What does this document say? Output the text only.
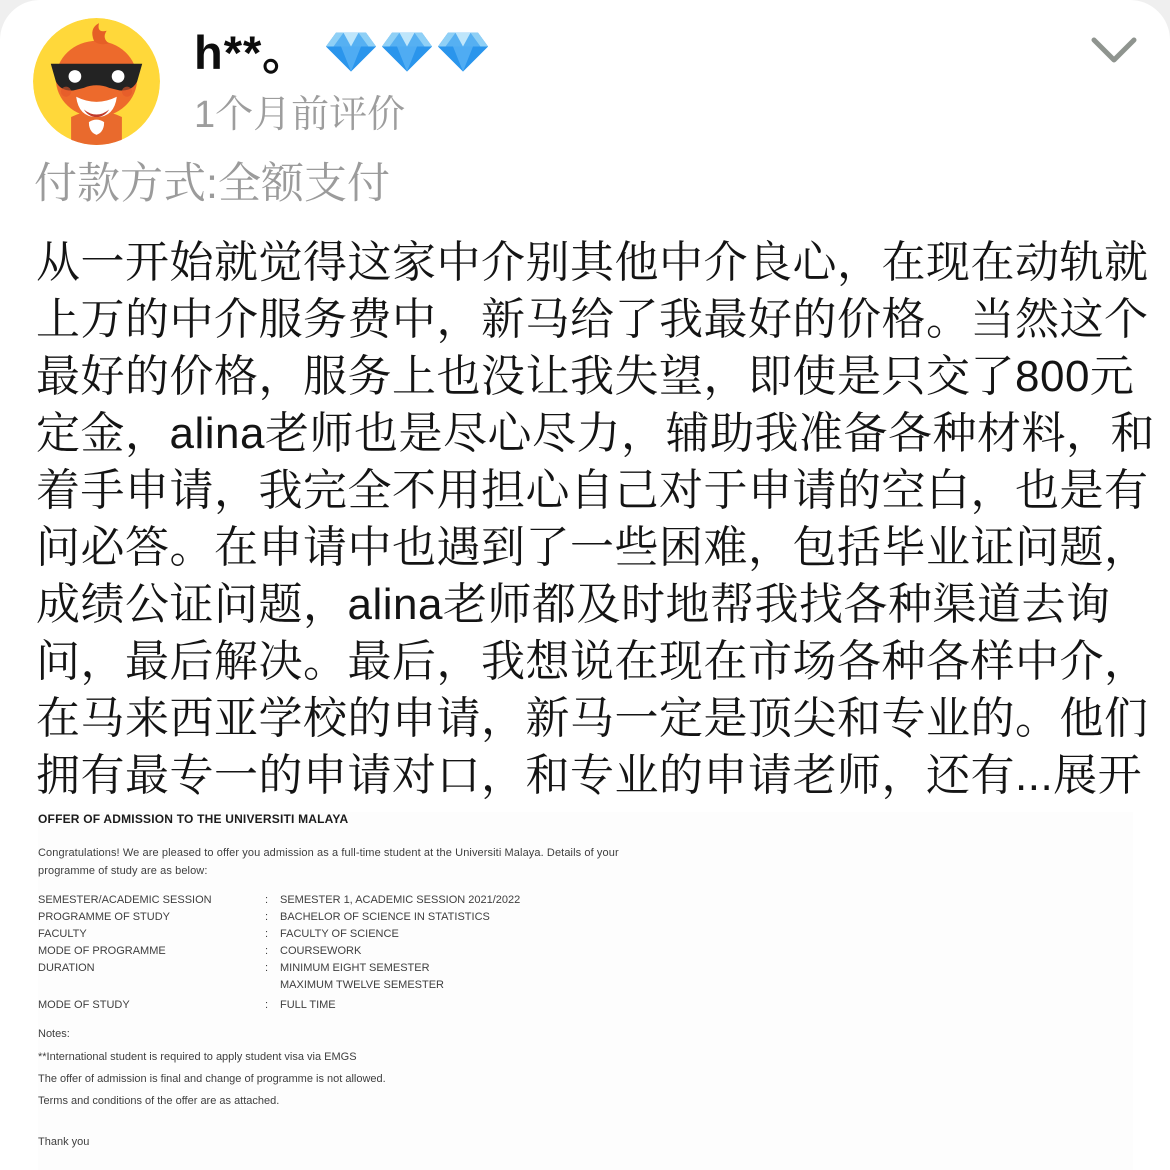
h**。
1个月前评价
付款方式:全额支付
从一开始就觉得这家中介别其他中介良心，在现在动轨就
上万的中介服务费中，新马给了我最好的价格。当然这个
最好的价格，服务上也没让我失望，即使是只交了800元
定金，alina老师也是尽心尽力，辅助我准备各种材料，和
着手申请，我完全不用担心自己对于申请的空白，也是有
问必答。在申请中也遇到了一些困难，包括毕业证问题，
成绩公证问题，alina老师都及时地帮我找各种渠道去询
问，最后解决。最后，我想说在现在市场各种各样中介，
在马来西亚学校的申请，新马一定是顶尖和专业的。他们
拥有最专一的申请对口，和专业的申请老师，还有...展开
OFFER OF ADMISSION TO THE UNIVERSITI MALAYA
Congratulations! We are pleased to offer you admission as a full-time student at the Universiti Malaya. Details of your
programme of study are as below:
SEMESTER/ACADEMIC SESSION	:	SEMESTER 1, ACADEMIC SESSION 2021/2022
PROGRAMME OF STUDY	:	BACHELOR OF SCIENCE IN STATISTICS
FACULTY	:	FACULTY OF SCIENCE
MODE OF PROGRAMME	:	COURSEWORK
DURATION	:	MINIMUM EIGHT SEMESTER
MAXIMUM TWELVE SEMESTER
MODE OF STUDY	:	FULL TIME
Notes:
**International student is required to apply student visa via EMGS
The offer of admission is final and change of programme is not allowed.
Terms and conditions of the offer are as attached.
Thank you
